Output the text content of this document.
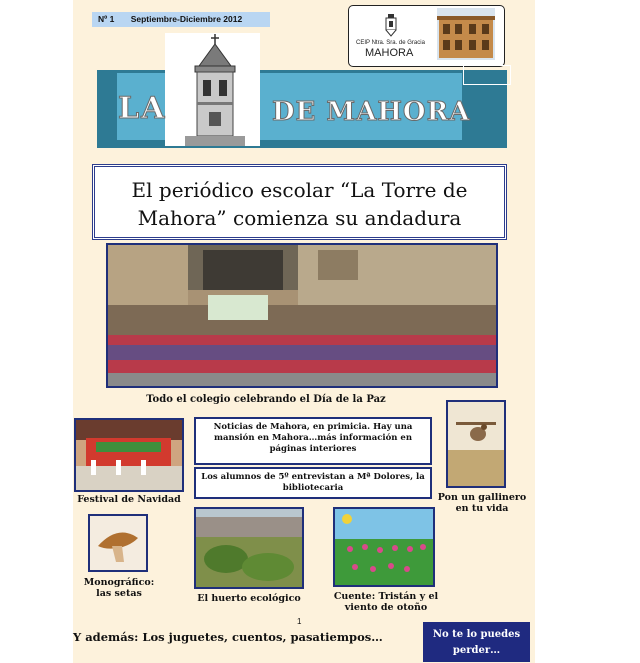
Nº 1 Septiembre-Diciembre 2012
CEIP Ntra. Sra. de Gracia
MAHORA
LA	DE MAHORA
El periódico escolar “La Torre de
Mahora” comienza su andadura
Todo el colegio celebrando el Día de la Paz
Festival de Navidad
Noticias de Mahora, en primicia. Hay una mansión en Mahora…más información en páginas interiores
Los alumnos de 5º entrevistan a Mª Dolores, la bibliotecaria
Pon un gallinero en tu vida
Monográfico: las setas	El huerto ecológico	Cuente: Tristán y el viento de otoño
1
Y además: Los juguetes, cuentos, pasatiempos…	No te lo puedes perder…
